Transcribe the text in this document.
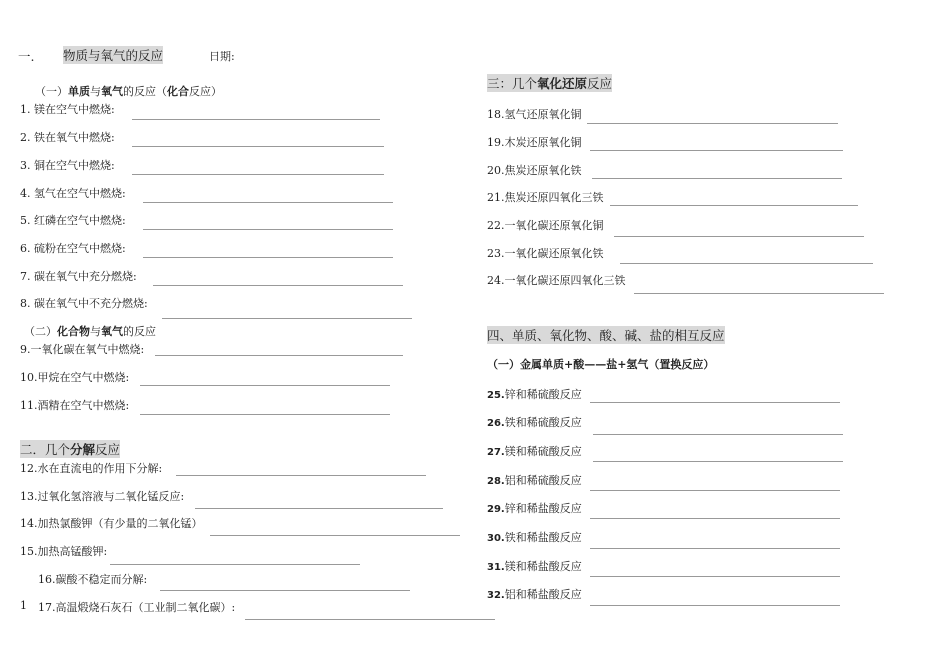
一. 物质与氧气的反应	日期:
（一）单质与氧气的反应（化合反应）
1. 镁在空气中燃烧:
2. 铁在氧气中燃烧:
3. 铜在空气中燃烧:
4. 氢气在空气中燃烧:
5. 红磷在空气中燃烧:
6. 硫粉在空气中燃烧:
7. 碳在氧气中充分燃烧:
8. 碳在氧气中不充分燃烧:
（二）化合物与氧气的反应
9.一氧化碳在氧气中燃烧:
10.甲烷在空气中燃烧:
11.酒精在空气中燃烧:
二．几个分解反应
12.水在直流电的作用下分解:
13.过氧化氢溶液与二氧化锰反应:
14.加热氯酸钾（有少量的二氧化锰）
15.加热高锰酸钾:
16.碳酸不稳定而分解:
1 17.高温煅烧石灰石（工业制二氧化碳）:
三：几个氧化还原反应
18.氢气还原氧化铜
19.木炭还原氧化铜
20.焦炭还原氧化铁
21.焦炭还原四氧化三铁
22.一氧化碳还原氧化铜
23.一氧化碳还原氧化铁
24.一氧化碳还原四氧化三铁
四、单质、氧化物、酸、碱、盐的相互反应
（一）金属单质+酸——盐+氢气（置换反应）
25.锌和稀硫酸反应
26.铁和稀硫酸反应
27.镁和稀硫酸反应
28.铝和稀硫酸反应
29.锌和稀盐酸反应
30.铁和稀盐酸反应
31.镁和稀盐酸反应
32.铝和稀盐酸反应
